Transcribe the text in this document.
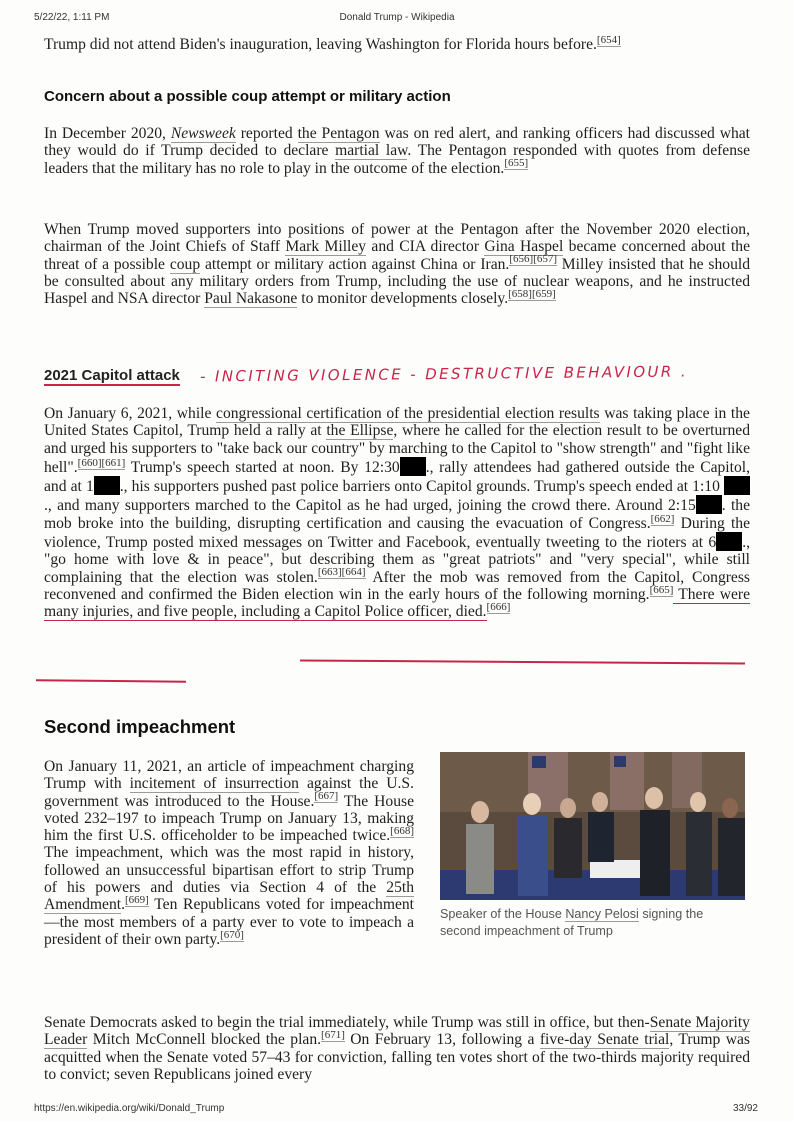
5/22/22, 1:11 PM	Donald Trump - Wikipedia

Trump did not attend Biden's inauguration, leaving Washington for Florida hours before.[654]

Concern about a possible coup attempt or military action

In December 2020, Newsweek reported the Pentagon was on red alert, and ranking officers had discussed what they would do if Trump decided to declare martial law. The Pentagon responded with quotes from defense leaders that the military has no role to play in the outcome of the election.[655]

When Trump moved supporters into positions of power at the Pentagon after the November 2020 election, chairman of the Joint Chiefs of Staff Mark Milley and CIA director Gina Haspel became concerned about the threat of a possible coup attempt or military action against China or Iran.[656][657] Milley insisted that he should be consulted about any military orders from Trump, including the use of nuclear weapons, and he instructed Haspel and NSA director Paul Nakasone to monitor developments closely.[658][659]

2021 Capitol attack	- INCITING VIOLENCE - DESTRUCTIVE BEHAVIOUR .

On January 6, 2021, while congressional certification of the presidential election results was taking place in the United States Capitol, Trump held a rally at the Ellipse, where he called for the election result to be overturned and urged his supporters to "take back our country" by marching to the Capitol to "show strength" and "fight like hell".[660][661] Trump's speech started at noon. By 12:30 ., rally attendees had gathered outside the Capitol, and at 1 ., his supporters pushed past police barriers onto Capitol grounds. Trump's speech ended at 1:10 ., and many supporters marched to the Capitol as he had urged, joining the crowd there. Around 2:15 . the mob broke into the building, disrupting certification and causing the evacuation of Congress.[662] During the violence, Trump posted mixed messages on Twitter and Facebook, eventually tweeting to the rioters at 6 ., "go home with love & in peace", but describing them as "great patriots" and "very special", while still complaining that the election was stolen.[663][664] After the mob was removed from the Capitol, Congress reconvened and confirmed the Biden election win in the early hours of the following morning.[665] There were many injuries, and five people, including a Capitol Police officer, died.[666]

Second impeachment

On January 11, 2021, an article of impeachment charging Trump with incitement of insurrection against the U.S. government was introduced to the House.[667] The House voted 232–197 to impeach Trump on January 13, making him the first U.S. officeholder to be impeached twice.[668] The impeachment, which was the most rapid in history, followed an unsuccessful bipartisan effort to strip Trump of his powers and duties via Section 4 of the 25th Amendment.[669] Ten Republicans voted for impeachment—the most members of a party ever to vote to impeach a president of their own party.[670]

Speaker of the House Nancy Pelosi signing the second impeachment of Trump

Senate Democrats asked to begin the trial immediately, while Trump was still in office, but then-Senate Majority Leader Mitch McConnell blocked the plan.[671] On February 13, following a five-day Senate trial, Trump was acquitted when the Senate voted 57–43 for conviction, falling ten votes short of the two-thirds majority required to convict; seven Republicans joined every

https://en.wikipedia.org/wiki/Donald_Trump	33/92
